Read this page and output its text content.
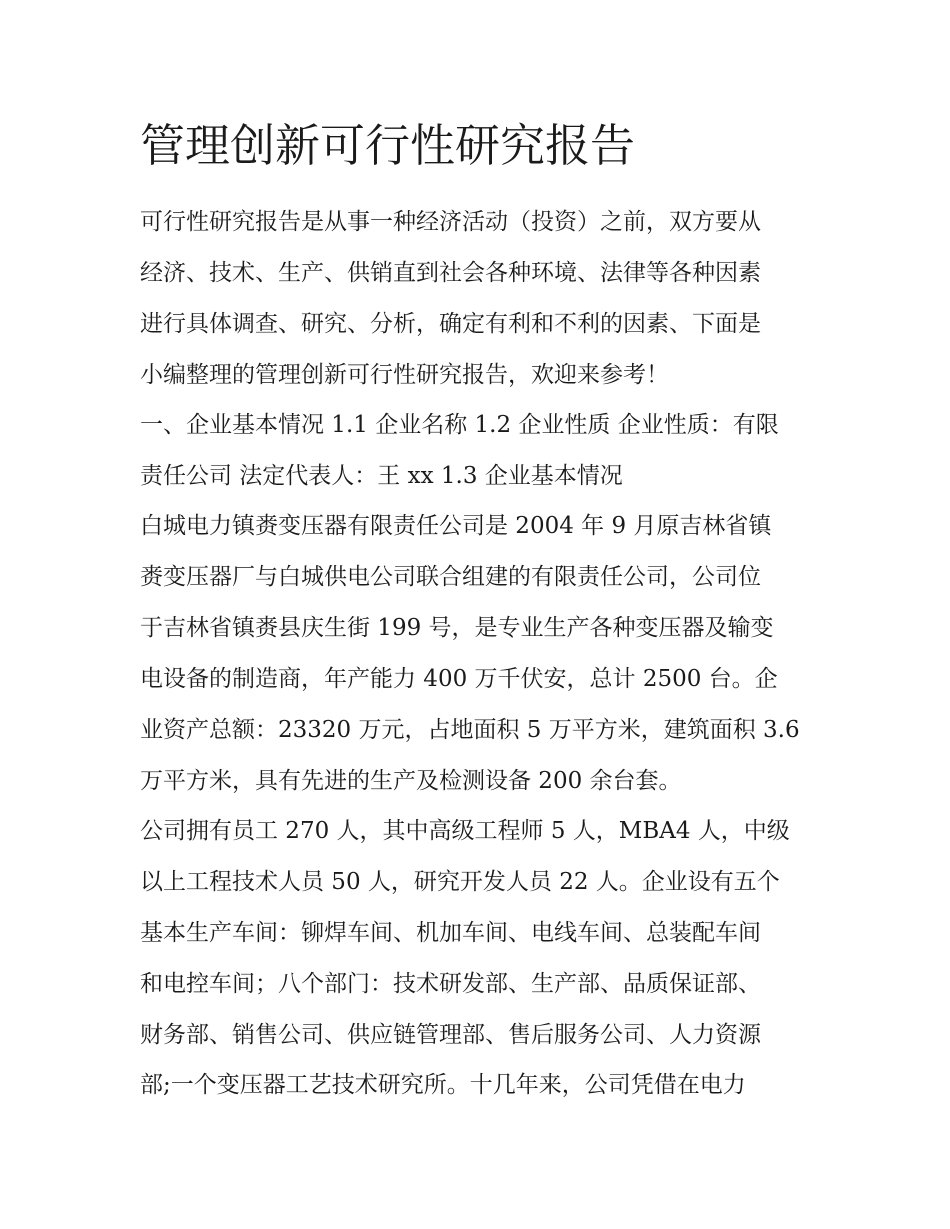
管理创新可行性研究报告

可行性研究报告是从事一种经济活动（投资）之前，双方要从

经济、技术、生产、供销直到社会各种环境、法律等各种因素

进行具体调查、研究、分析，确定有利和不利的因素、下面是

小编整理的管理创新可行性研究报告，欢迎来参考！

一、企业基本情况 1.1 企业名称 1.2 企业性质 企业性质：有限

责任公司 法定代表人：王 xx 1.3 企业基本情况

白城电力镇赉变压器有限责任公司是 2004 年 9 月原吉林省镇

赉变压器厂与白城供电公司联合组建的有限责任公司，公司位

于吉林省镇赉县庆生街 199 号，是专业生产各种变压器及输变

电设备的制造商，年产能力 400 万千伏安，总计 2500 台。企

业资产总额：23320 万元，占地面积 5 万平方米，建筑面积 3.6

万平方米，具有先进的生产及检测设备 200 余台套。

公司拥有员工 270 人，其中高级工程师 5 人，MBA4 人，中级

以上工程技术人员 50 人，研究开发人员 22 人。企业设有五个

基本生产车间：铆焊车间、机加车间、电线车间、总装配车间

和电控车间；八个部门：技术研发部、生产部、品质保证部、

财务部、销售公司、供应链管理部、售后服务公司、人力资源

部;一个变压器工艺技术研究所。十几年来，公司凭借在电力
